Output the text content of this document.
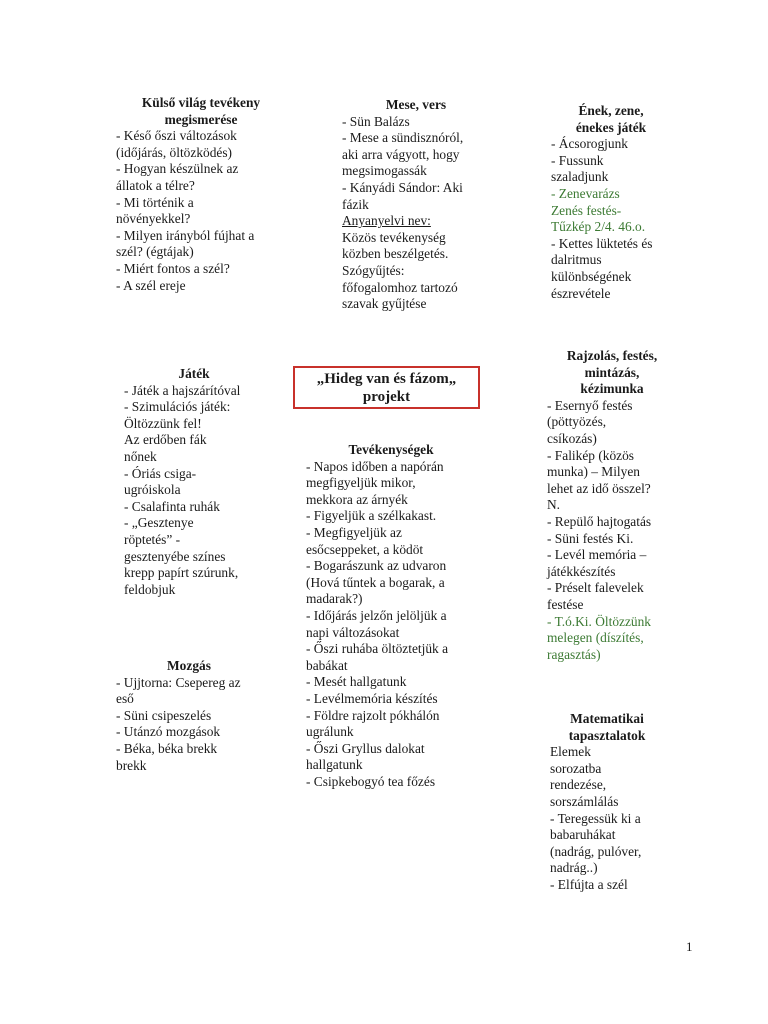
Külső világ tevékeny
megismerése
- Késő őszi változások
(időjárás, öltözködés)
- Hogyan készülnek az
állatok a télre?
- Mi történik a
növényekkel?
- Milyen irányból fújhat a
szél? (égtájak)
- Miért fontos a szél?
- A szél ereje
Mese, vers
- Sün Balázs
- Mese a sündisznóról,
aki arra vágyott, hogy
megsimogassák
- Kányádi Sándor: Aki
fázik
Anyanyelvi nev:
Közös tevékenység
közben beszélgetés.
Szógyűjtés:
főfogalomhoz tartozó
szavak gyűjtése
Ének, zene,
énekes játék
- Ácsorogjunk
- Fussunk
szaladjunk
- Zenevarázs
Zenés festés-
Tűzkép 2/4. 46.o.
- Kettes lüktetés és
dalritmus
különbségének
észrevétele
Játék
- Játék a hajszárítóval
- Szimulációs játék:
Öltözzünk fel!
Az erdőben fák
nőnek
- Óriás csiga-
ugróiskola
- Csalafinta ruhák
- „Gesztenye
röptetés” -
gesztenyébe színes
krepp papírt szúrunk,
feldobjuk
„Hideg van és fázom„
projekt
Tevékenységek
- Napos időben a napórán
megfigyeljük mikor,
mekkora az árnyék
- Figyeljük a szélkakast.
- Megfigyeljük az
esőcseppeket, a ködöt
- Bogarászunk az udvaron
(Hová tűntek a bogarak, a
madarak?)
- Időjárás jelzőn jelöljük a
napi változásokat
- Őszi ruhába öltöztetjük a
babákat
- Mesét hallgatunk
- Levélmemória készítés
- Földre rajzolt pókhálón
ugrálunk
- Őszi Gryllus dalokat
hallgatunk
- Csipkebogyó tea főzés
Rajzolás, festés,
mintázás,
kézimunka
- Esernyő festés
(pöttyözés,
csíkozás)
- Falikép (közös
munka) – Milyen
lehet az idő összel?
N.
- Repülő hajtogatás
- Süni festés Ki.
- Levél memória –
játékkészítés
- Préselt falevelek
festése
- T.ó.Ki. Öltözzünk
melegen (díszítés,
ragasztás)
Mozgás
- Ujjtorna: Csepereg az
eső
- Süni csipeszelés
- Utánzó mozgások
- Béka, béka brekk
brekk
Matematikai
tapasztalatok
Elemek
sorozatba
rendezése,
sorszámlálás
- Teregessük ki a
babaruhákat
(nadrág, pulóver,
nadrág..)
- Elfújta a szél
1
